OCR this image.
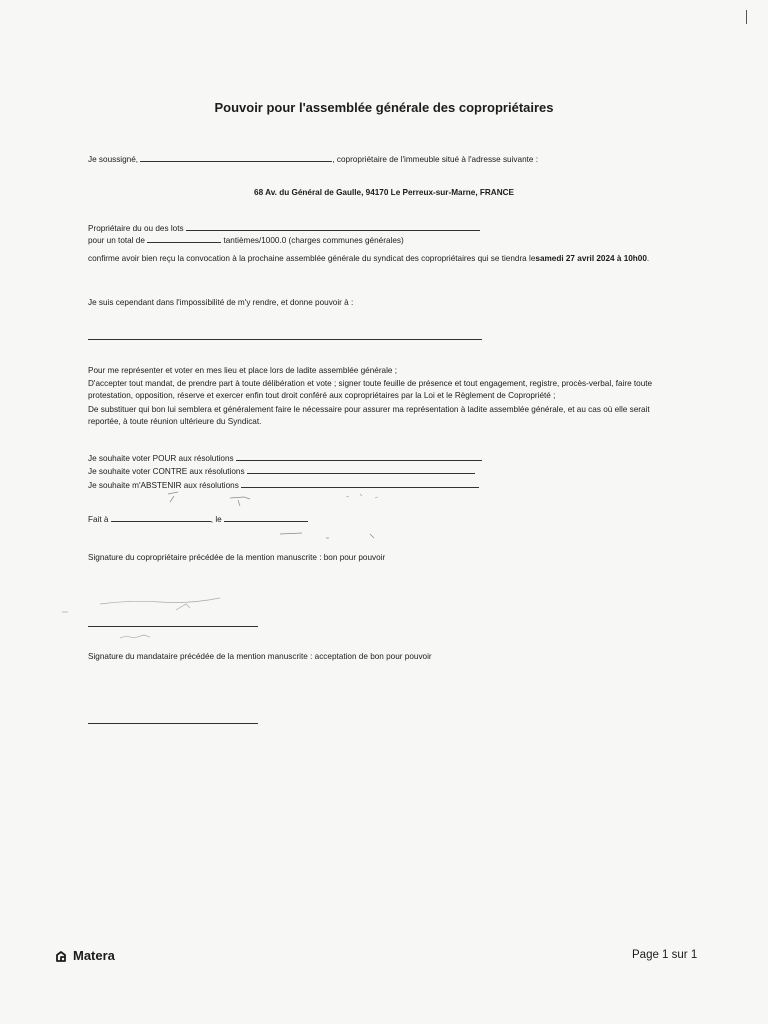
Pouvoir pour l'assemblée générale des copropriétaires
Je soussigné,	, copropriétaire de l'immeuble situé à l'adresse suivante :
68 Av. du Général de Gaulle, 94170 Le Perreux-sur-Marne, FRANCE
Propriétaire du ou des lots
pour un total de	tantièmes/1000.0 (charges communes générales)
confirme avoir bien reçu la convocation à la prochaine assemblée générale du syndicat des copropriétaires qui se tiendra lesamedi 27 avril 2024 à 10h00.
Je suis cependant dans l'impossibilité de m'y rendre, et donne pouvoir à :
Pour me représenter et voter en mes lieu et place lors de ladite assemblée générale ;
D'accepter tout mandat, de prendre part à toute délibération et vote ; signer toute feuille de présence et tout engagement, registre, procès-verbal, faire toute protestation, opposition, réserve et exercer enfin tout droit conféré aux copropriétaires par la Loi et le Règlement de Copropriété ;
De substituer qui bon lui semblera et généralement faire le nécessaire pour assurer ma représentation à ladite assemblée générale, et au cas où elle serait reportée, à toute réunion ultérieure du Syndicat.
Je souhaite voter POUR aux résolutions
Je souhaite voter CONTRE aux résolutions
Je souhaite m'ABSTENIR aux résolutions
Fait à	, le
Signature du copropriétaire précédée de la mention manuscrite : bon pour pouvoir
Signature du mandataire précédée de la mention manuscrite : acceptation de bon pour pouvoir
Matera	Page 1 sur 1
